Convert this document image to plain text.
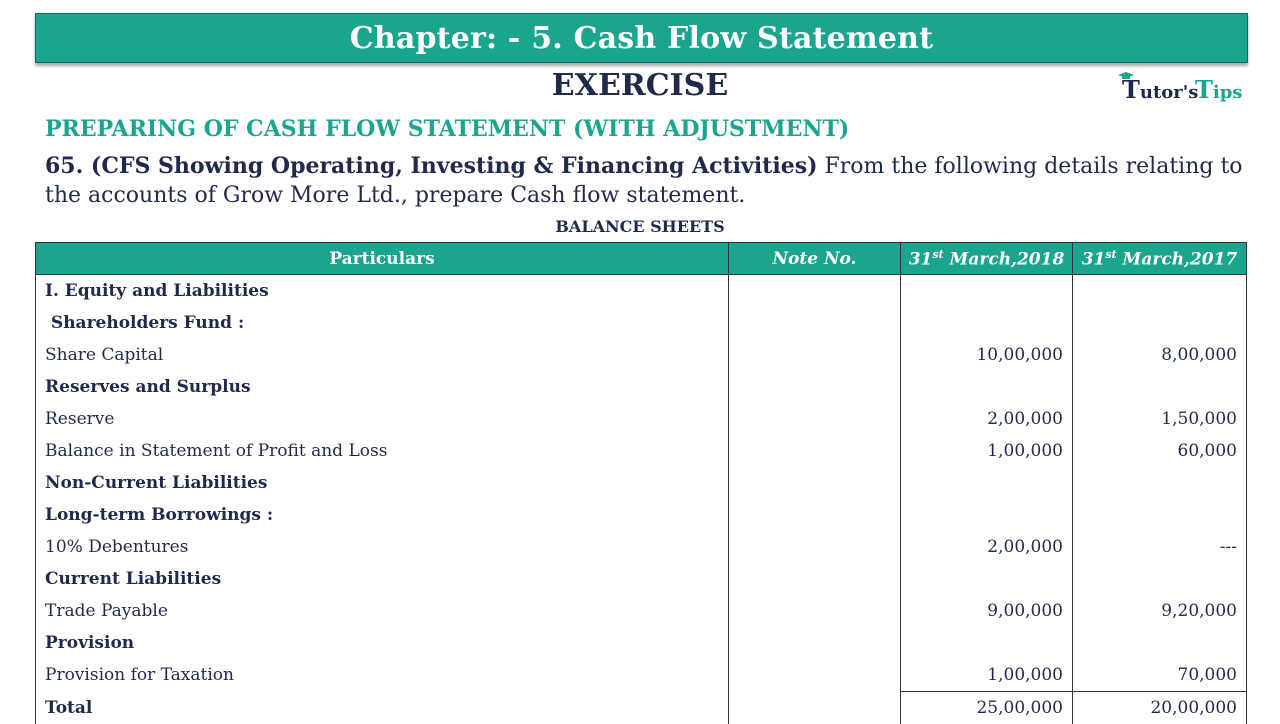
Chapter: - 5. Cash Flow Statement
EXERCISE	Tutor's
Tips
PREPARING OF CASH FLOW STATEMENT (WITH ADJUSTMENT)
65. (CFS Showing Operating, Investing & Financing Activities) From the following details relating to the accounts of Grow More Ltd., prepare Cash flow statement.
BALANCE SHEETS
Particulars	Note No.	31st March,2018	31st March,2017
I. Equity and Liabilities			
Shareholders Fund :			
Share Capital		10,00,000	8,00,000
Reserves and Surplus			
Reserve		2,00,000	1,50,000
Balance in Statement of Profit and Loss		1,00,000	60,000
Non-Current Liabilities			
Long-term Borrowings :			
10% Debentures		2,00,000	---
Current Liabilities			
Trade Payable		9,00,000	9,20,000
Provision			
Provision for Taxation		1,00,000	70,000
Total		25,00,000	20,00,000
